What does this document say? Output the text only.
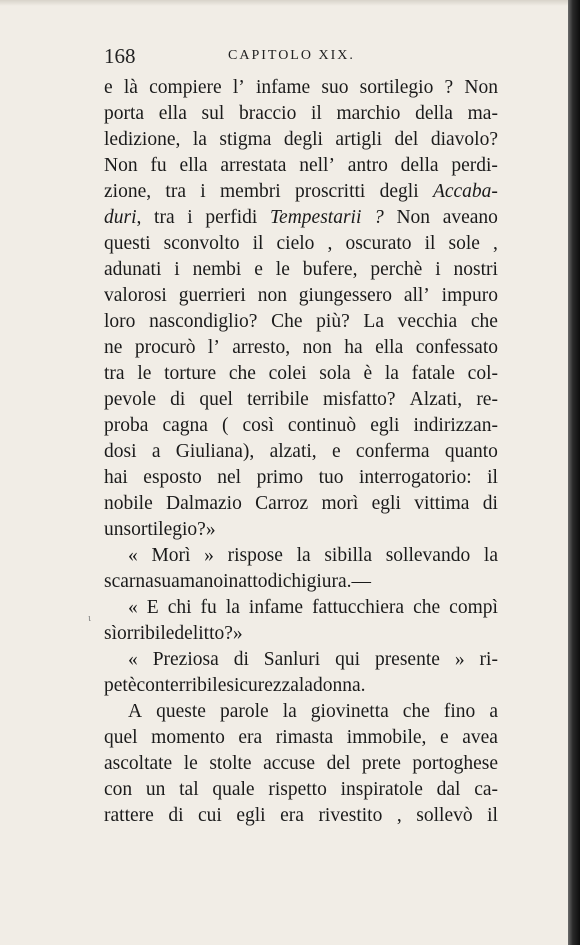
168	CAPITOLO XIX.
ι
e là compiere l’ infame suo sortilegio ? Non
porta ella sul braccio il marchio della ma-
ledizione, la stigma degli artigli del diavolo?
Non fu ella arrestata nell’ antro della perdi-
zione, tra i membri proscritti degli Accaba-
duri, tra i perfidi Tempestarii ? Non aveano
questi sconvolto il cielo , oscurato il sole ,
adunati i nembi e le bufere, perchè i nostri
valorosi guerrieri non giungessero all’ impuro
loro nascondiglio? Che più? La vecchia che
ne procurò l’ arresto, non ha ella confessato
tra le torture che colei sola è la fatale col-
pevole di quel terribile misfatto? Alzati, re-
proba cagna ( così continuò egli indirizzan-
dosi a Giuliana), alzati, e conferma quanto
hai esposto nel primo tuo interrogatorio: il
nobile Dalmazio Carroz morì egli vittima di
un sortilegio ? »
« Morì » rispose la sibilla sollevando la
scarna sua mano in atto di chi giura. —
« E chi fu la infame fattucchiera che compì
sì orribile delitto ? »
« Preziosa di Sanluri qui presente » ri-
petè con terribile sicurezza la donna.
A queste parole la giovinetta che fino a
quel momento era rimasta immobile, e avea
ascoltate le stolte accuse del prete portoghese
con un tal quale rispetto inspiratole dal ca-
rattere di cui egli era rivestito , sollevò il
